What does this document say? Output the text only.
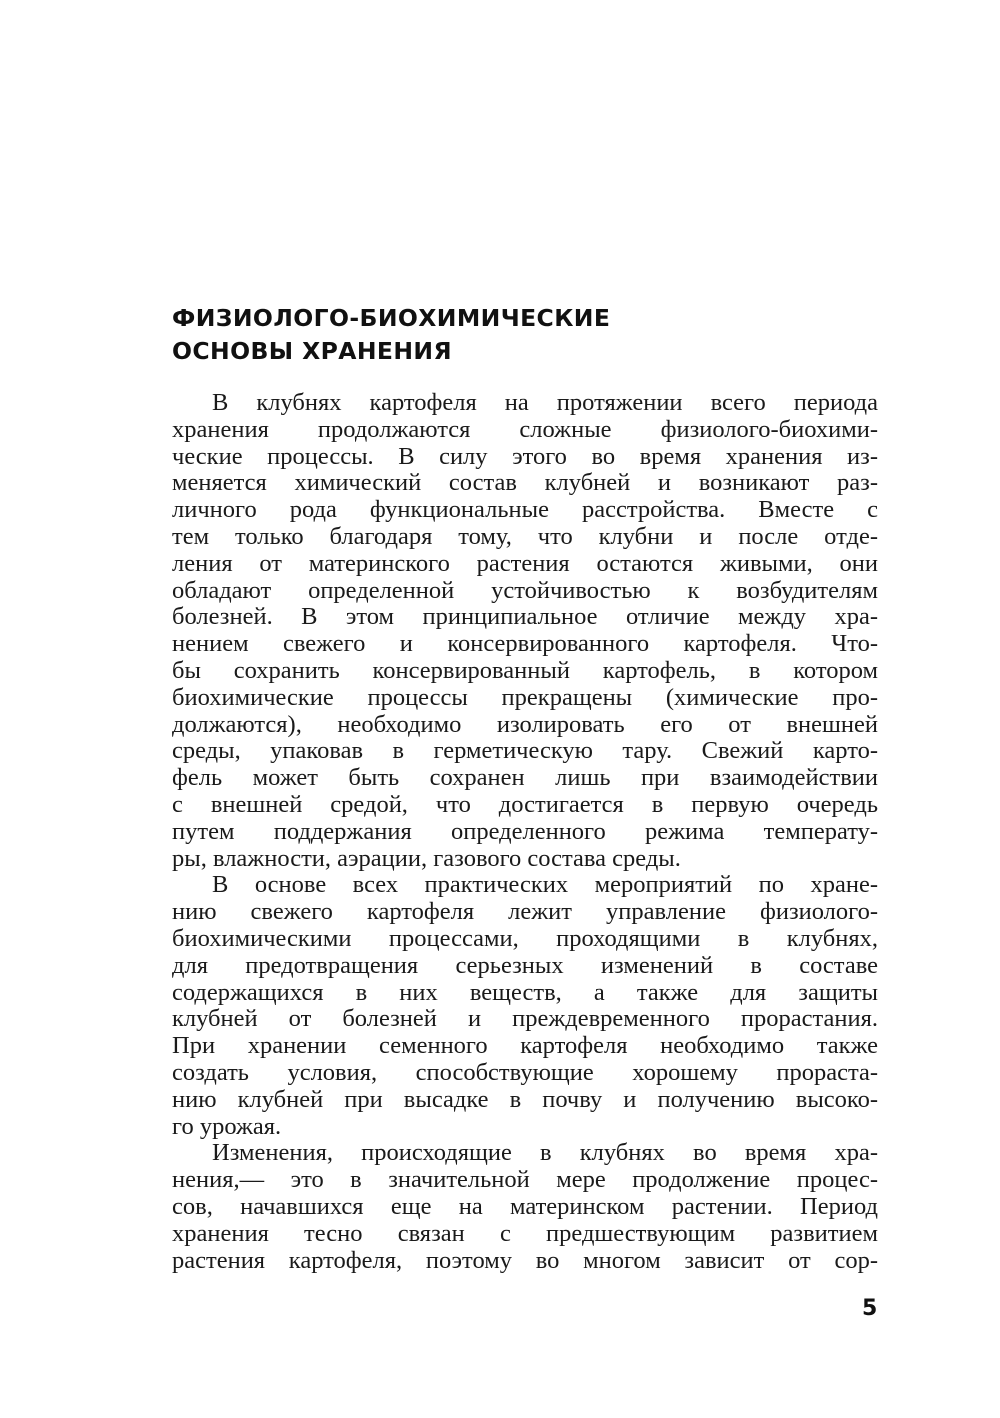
ФИЗИОЛОГО-БИОХИМИЧЕСКИЕ
ОСНОВЫ ХРАНЕНИЯ
В клубнях картофеля на протяжении всего периода
хранения продолжаются сложные физиолого-биохими-
ческие процессы. В силу этого во время хранения из-
меняется химический состав клубней и возникают раз-
личного рода функциональные расстройства. Вместе с
тем только благодаря тому, что клубни и после отде-
ления от материнского растения остаются живыми, они
обладают определенной устойчивостью к возбудителям
болезней. В этом принципиальное отличие между хра-
нением свежего и консервированного картофеля. Что-
бы сохранить консервированный картофель, в котором
биохимические процессы прекращены (химические про-
должаются), необходимо изолировать его от внешней
среды, упаковав в герметическую тару. Свежий карто-
фель может быть сохранен лишь при взаимодействии
с внешней средой, что достигается в первую очередь
путем поддержания определенного режима температу-
ры, влажности, аэрации, газового состава среды.
В основе всех практических мероприятий по хране-
нию свежего картофеля лежит управление физиолого-
биохимическими процессами, проходящими в клубнях,
для предотвращения серьезных изменений в составе
содержащихся в них веществ, а также для защиты
клубней от болезней и преждевременного прорастания.
При хранении семенного картофеля необходимо также
создать условия, способствующие хорошему прораста-
нию клубней при высадке в почву и получению высоко-
го урожая.
Изменения, происходящие в клубнях во время хра-
нения,— это в значительной мере продолжение процес-
сов, начавшихся еще на материнском растении. Период
хранения тесно связан с предшествующим развитием
растения картофеля, поэтому во многом зависит от сор-
5
